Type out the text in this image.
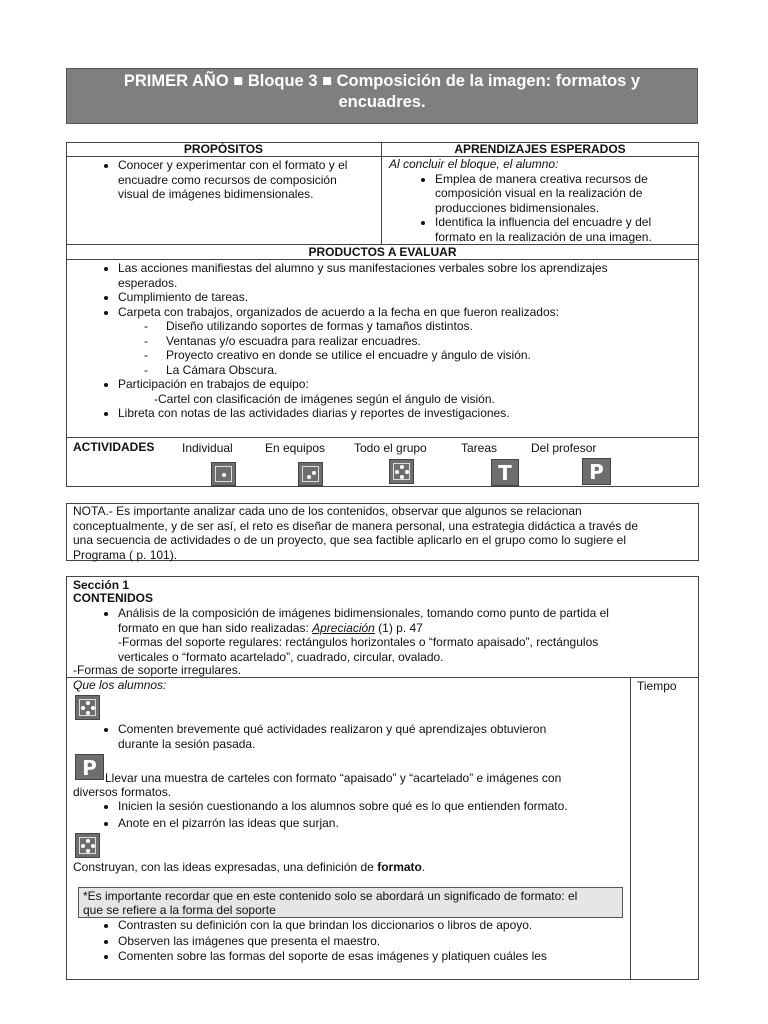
PRIMER AÑO ■ Bloque 3 ■ Composición de la imagen: formatos y
encuadres.
PROPÓSITOS	APRENDIZAJES ESPERADOS
• Conocer y experimentar con el formato y el
encuadre como recursos de composición
visual de imágenes bidimensionales.
Al concluir el bloque, el alumno:
• Emplea de manera creativa recursos de
composición visual en la realización de
producciones bidimensionales.
• Identifica la influencia del encuadre y del
formato en la realización de una imagen.
PRODUCTOS A EVALUAR
• Las acciones manifiestas del alumno y sus manifestaciones verbales sobre los aprendizajes
esperados.
• Cumplimiento de tareas.
• Carpeta con trabajos, organizados de acuerdo a la fecha en que fueron realizados:
- Diseño utilizando soportes de formas y tamaños distintos.
- Ventanas y/o escuadra para realizar encuadres.
- Proyecto creativo en donde se utilice el encuadre y ángulo de visión.
- La Cámara Obscura.
• Participación en trabajos de equipo:
-Cartel con clasificación de imágenes según el ángulo de visión.
• Libreta con notas de las actividades diarias y reportes de investigaciones.
ACTIVIDADES Individual	En equipos Todo el grupo	Tareas	Del profesor
T	P
NOTA.- Es importante analizar cada uno de los contenidos, observar que algunos se relacionan
conceptualmente, y de ser así, el reto es diseñar de manera personal, una estrategia didáctica a través de
una secuencia de actividades o de un proyecto, que sea factible aplicarlo en el grupo como lo sugiere el
Programa ( p. 101).
Sección 1
CONTENIDOS
• Análisis de la composición de imágenes bidimensionales, tomando como punto de partida el
formato en que han sido realizadas: Apreciación (1) p. 47
-Formas del soporte regulares: rectángulos horizontales o “formato apaisado”, rectángulos
verticales o “formato acartelado”, cuadrado, circular, ovalado.
-Formas de soporte irregulares.
Que los alumnos:	Tiempo
• Comenten brevemente qué actividades realizaron y qué aprendizajes obtuvieron
durante la sesión pasada.
P Llevar una muestra de carteles con formato “apaisado” y “acartelado” e imágenes con
diversos formatos.
• Inicien la sesión cuestionando a los alumnos sobre qué es lo que entienden formato.
• Anote en el pizarrón las ideas que surjan.
Construyan, con las ideas expresadas, una definición de formato.
*Es importante recordar que en este contenido solo se abordará un significado de formato: el
que se refiere a la forma del soporte
• Contrasten su definición con la que brindan los diccionarios o libros de apoyo.
• Observen las imágenes que presenta el maestro.
• Comenten sobre las formas del soporte de esas imágenes y platiquen cuáles les
